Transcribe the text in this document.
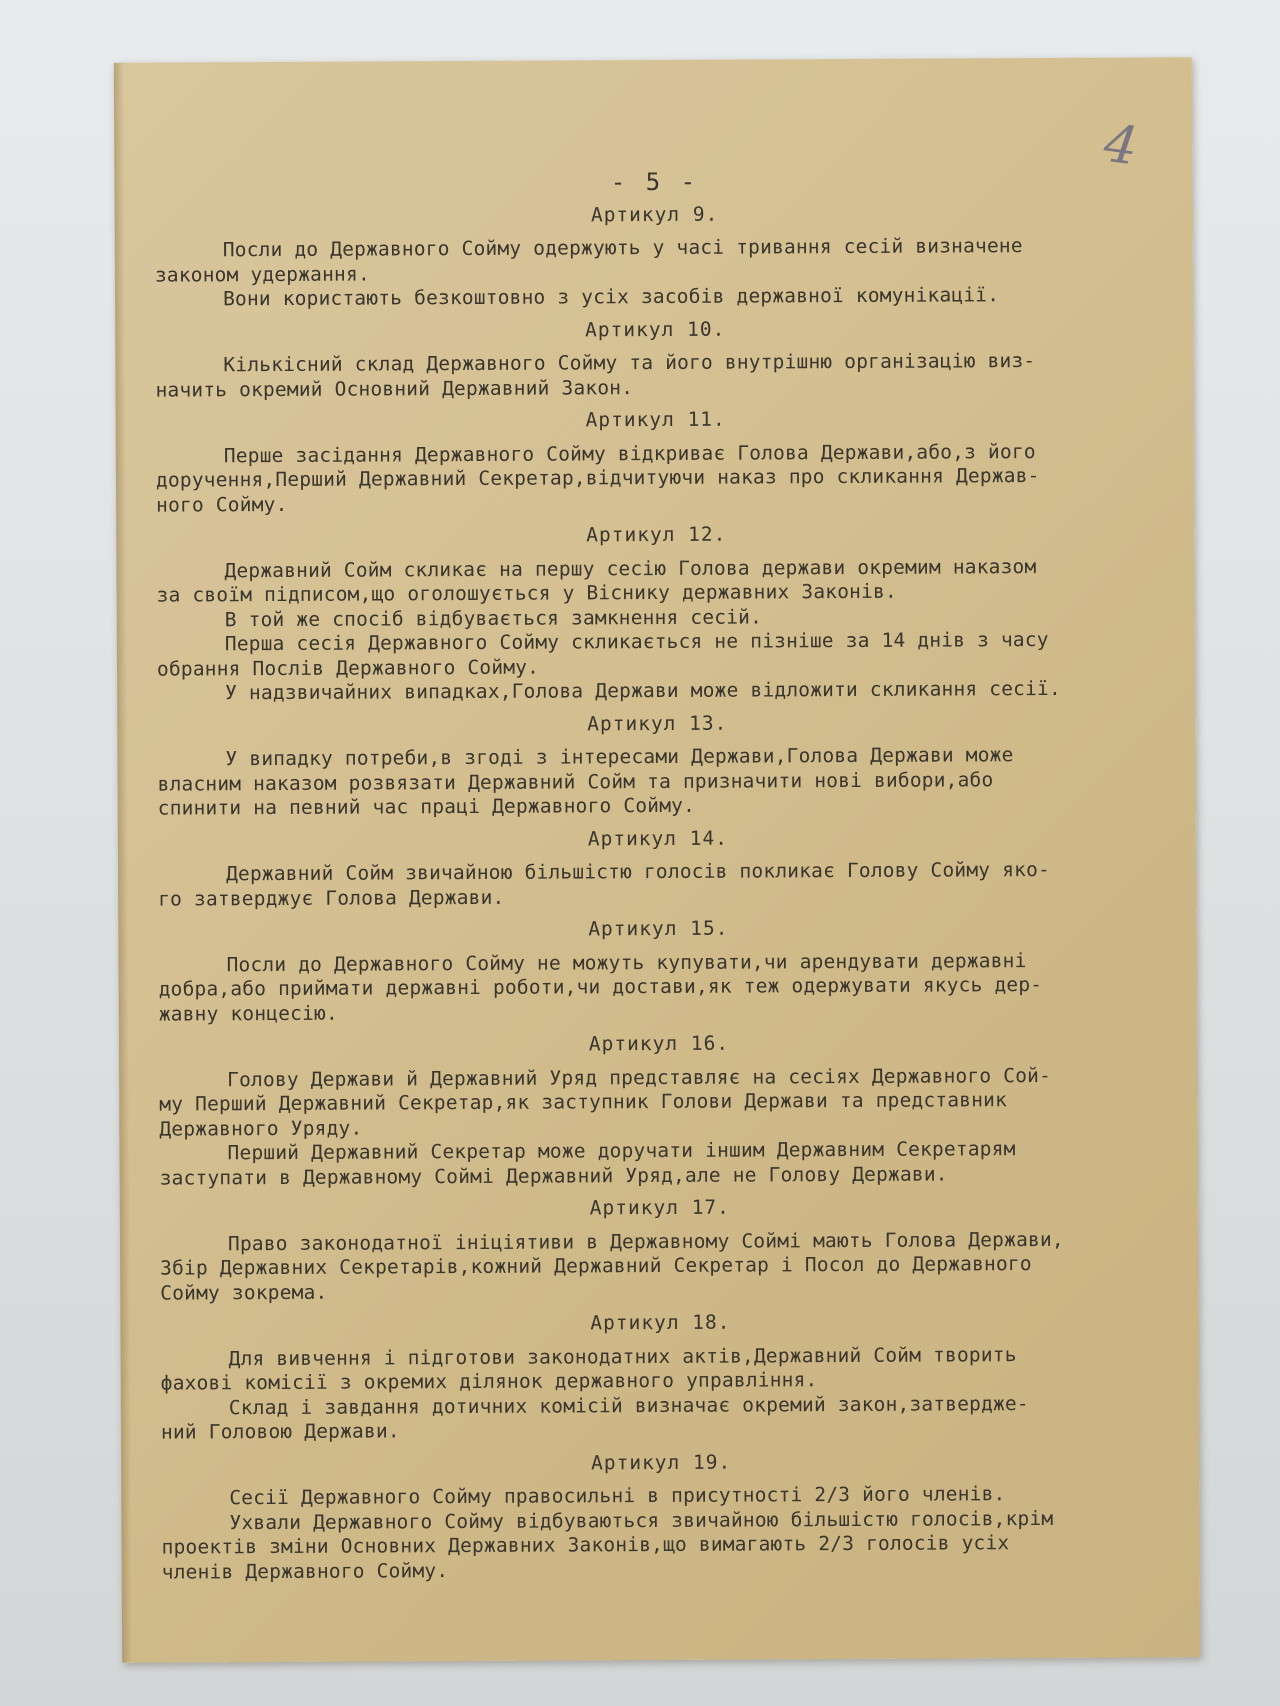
4
- 5 -
Артикул 9.
Посли до Державного Сойму одержують у часі тривання сесій визначене
законом удержання.
Вони користають безкоштовно з усіх засобів державної комунікації.
Артикул 10.
Кількісний склад Державного Сойму та його внутрішню організацію виз-
начить окремий Основний Державний Закон.
Артикул 11.
Перше засідання Державного Сойму відкриває Голова Держави,або,з його
доручення,Перший Державний Секретар,відчитуючи наказ про скликання Держав-
ного Сойму.
Артикул 12.
Державний Сойм скликає на першу сесію Голова держави окремим наказом
за своїм підписом,що оголошується у Віснику державних Законів.
В той же спосіб відбувається замкнення сесій.
Перша сесія Державного Сойму скликається не пізніше за 14 днів з часу
обрання Послів Державного Сойму.
У надзвичайних випадках,Голова Держави може відложити скликання сесії.
Артикул 13.
У випадку потреби,в згоді з інтересами Держави,Голова Держави може
власним наказом розвязати Державний Сойм та призначити нові вибори,або
спинити на певний час праці Державного Сойму.
Артикул 14.
Державний Сойм звичайною більшістю голосів покликає Голову Сойму яко-
го затверджує Голова Держави.
Артикул 15.
Посли до Державного Сойму не можуть купувати,чи арендувати державні
добра,або приймати державні роботи,чи достави,як теж одержувати якусь дер-
жавну концесію.
Артикул 16.
Голову Держави й Державний Уряд представляє на сесіях Державного Сой-
му Перший Державний Секретар,як заступник Голови Держави та представник
Державного Уряду.
Перший Державний Секретар може доручати іншим Державним Секретарям
заступати в Державному Соймі Державний Уряд,але не Голову Держави.
Артикул 17.
Право законодатної ініціятиви в Державному Соймі мають Голова Держави,
Збір Державних Секретарів,кожний Державний Секретар і Посол до Державного
Сойму зокрема.
Артикул 18.
Для вивчення і підготови законодатних актів,Державний Сойм творить
фахові комісії з окремих ділянок державного управління.
Склад і завдання дотичних комісій визначає окремий закон,затверджe-
ний Головою Держави.
Артикул 19.
Сесії Державного Сойму правосильні в присутності 2/3 його членів.
Ухвали Державного Сойму відбуваються звичайною більшістю голосів,крім
проектів зміни Основних Державних Законів,що вимагають 2/3 голосів усіх
членів Державного Сойму.
